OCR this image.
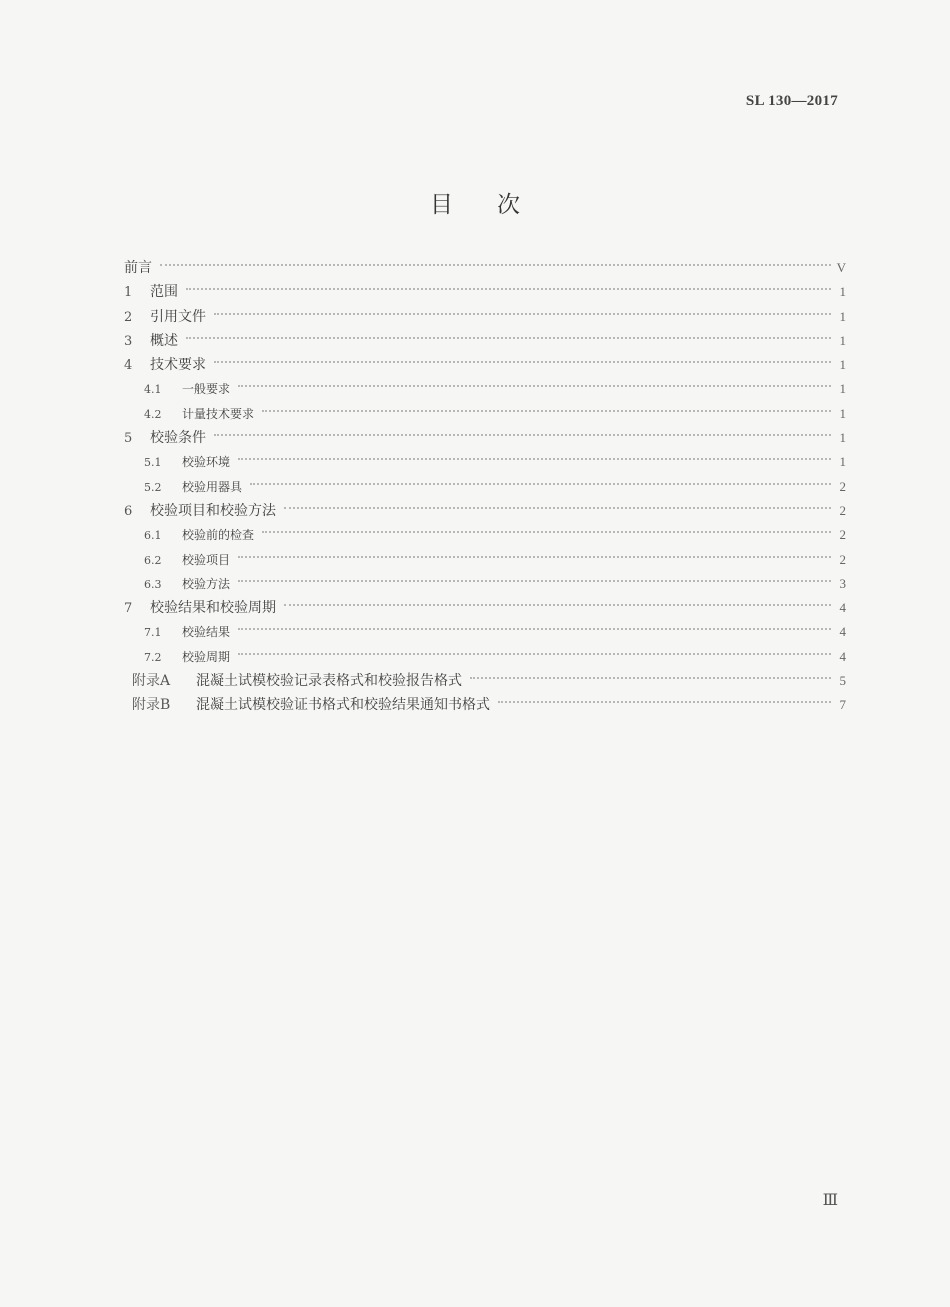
SL 130—2017
目次
前言	V
1	范围	1
2	引用文件	1
3	概述	1
4	技术要求	1
4.1	一般要求	1
4.2	计量技术要求	1
5	校验条件	1
5.1	校验环境	1
5.2	校验用器具	2
6	校验项目和校验方法	2
6.1	校验前的检查	2
6.2	校验项目	2
6.3	校验方法	3
7	校验结果和校验周期	4
7.1	校验结果	4
7.2	校验周期	4
附录A	混凝土试模校验记录表格式和校验报告格式	5
附录B	混凝土试模校验证书格式和校验结果通知书格式	7
Ⅲ
